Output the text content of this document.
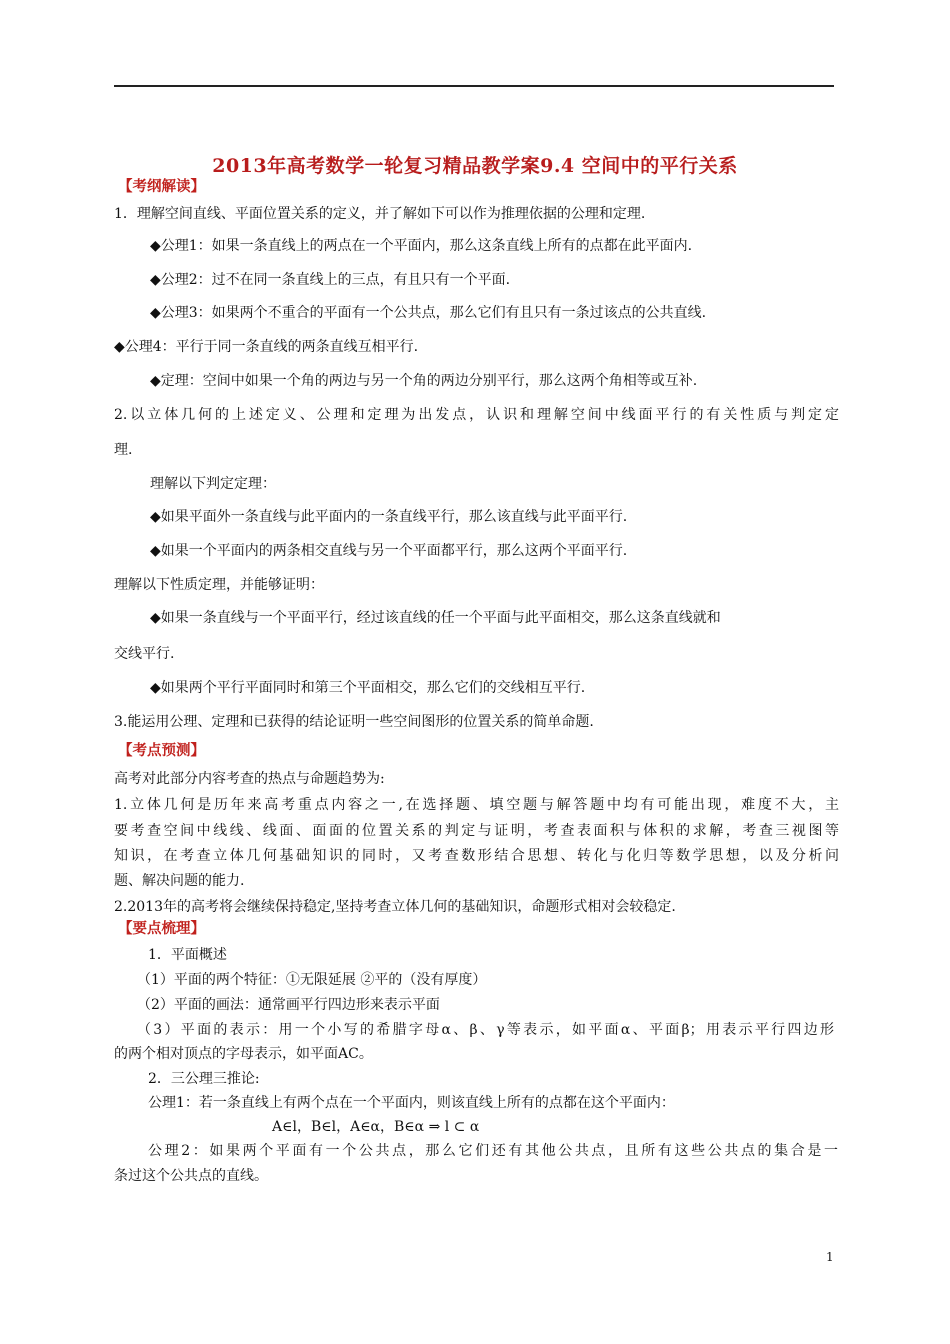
2013年高考数学一轮复习精品教学案9.4 空间中的平行关系
【考纲解读】
1．理解空间直线、平面位置关系的定义，并了解如下可以作为推理依据的公理和定理.
◆公理1：如果一条直线上的两点在一个平面内，那么这条直线上所有的点都在此平面内.
◆公理2：过不在同一条直线上的三点，有且只有一个平面.
◆公理3：如果两个不重合的平面有一个公共点，那么它们有且只有一条过该点的公共直线.
◆公理4：平行于同一条直线的两条直线互相平行.
◆定理：空间中如果一个角的两边与另一个角的两边分别平行，那么这两个角相等或互补.
2.以立体几何的上述定义、公理和定理为出发点，认识和理解空间中线面平行的有关性质与判定定
理.
理解以下判定定理：
◆如果平面外一条直线与此平面内的一条直线平行，那么该直线与此平面平行.
◆如果一个平面内的两条相交直线与另一个平面都平行，那么这两个平面平行.
理解以下性质定理，并能够证明：
◆如果一条直线与一个平面平行，经过该直线的任一个平面与此平面相交，那么这条直线就和
交线平行.
◆如果两个平行平面同时和第三个平面相交，那么它们的交线相互平行.
3.能运用公理、定理和已获得的结论证明一些空间图形的位置关系的简单命题.
【考点预测】
高考对此部分内容考查的热点与命题趋势为:
1.立体几何是历年来高考重点内容之一,在选择题、填空题与解答题中均有可能出现，难度不大，主
要考查空间中线线、线面、面面的位置关系的判定与证明，考查表面积与体积的求解，考查三视图等
知识，在考查立体几何基础知识的同时，又考查数形结合思想、转化与化归等数学思想，以及分析问
题、解决问题的能力.
2.2013年的高考将会继续保持稳定,坚持考查立体几何的基础知识，命题形式相对会较稳定.
【要点梳理】
1．平面概述
（1）平面的两个特征：①无限延展 ②平的（没有厚度）
（2）平面的画法：通常画平行四边形来表示平面
（3）平面的表示：用一个小写的希腊字母α、β、γ等表示，如平面α、平面β；用表示平行四边形
的两个相对顶点的字母表示，如平面AC。
2．三公理三推论:
公理1：若一条直线上有两个点在一个平面内，则该直线上所有的点都在这个平面内：
A∈l，B∈l，A∈α，B∈α ⇒ l ⊂ α
公理2：如果两个平面有一个公共点，那么它们还有其他公共点，且所有这些公共点的集合是一
条过这个公共点的直线。
1
